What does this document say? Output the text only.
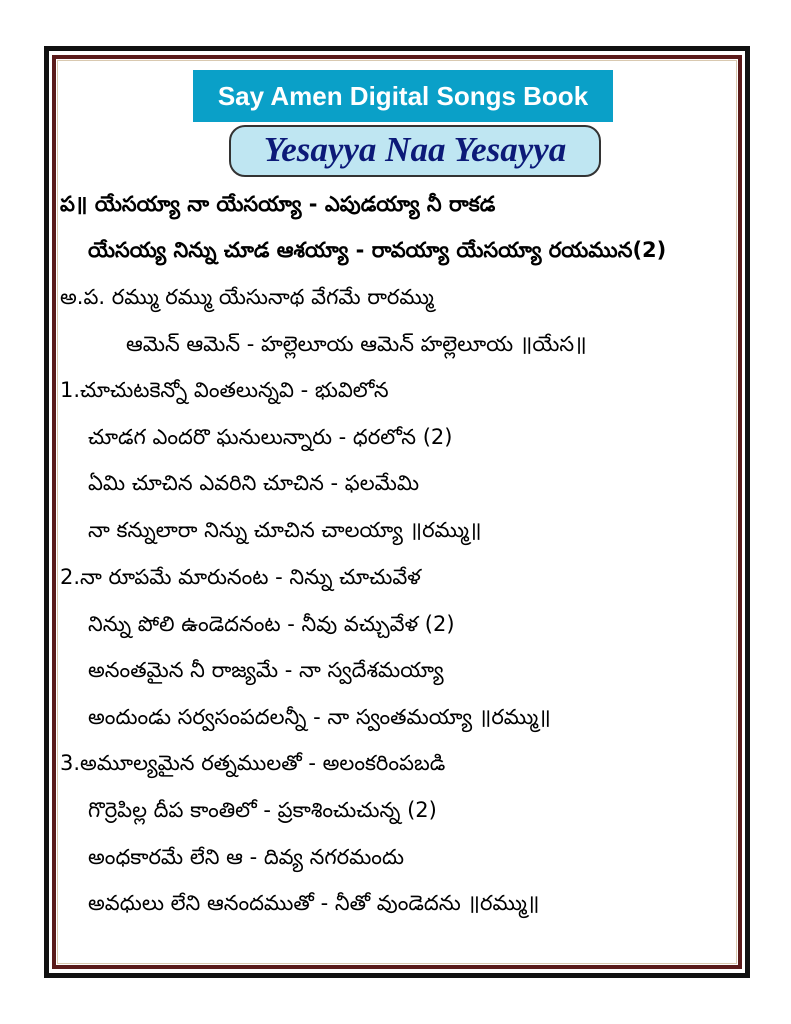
Say Amen Digital Songs Book
Yesayya Naa Yesayya
ప॥ యేసయ్యా నా యేసయ్యా - ఎపుడయ్యా నీ రాకడ
యేసయ్య నిన్ను చూడ ఆశయ్యా - రావయ్యా యేసయ్యా రయమున(2)
అ.ప. రమ్ము రమ్ము యేసునాథ వేగమే రారమ్ము
ఆమెన్ ఆమెన్ - హల్లెలూయ ఆమెన్ హల్లెలూయ ॥యేస॥
1.చూచుటకెన్నో వింతలున్నవి - భువిలోన
చూడగ ఎందరొ ఘనులున్నారు - ధరలోన (2)
ఏమి చూచిన ఎవరిని చూచిన - ఫలమేమి
నా కన్నులారా నిన్ను చూచిన చాలయ్యా ॥రమ్ము॥
2.నా రూపమే మారునంట - నిన్ను చూచువేళ
నిన్ను పోలి ఉండెదనంట - నీవు వచ్చువేళ (2)
అనంతమైన నీ రాజ్యమే - నా స్వదేశమయ్యా
అందుండు సర్వసంపదలన్నీ - నా స్వంతమయ్యా ॥రమ్ము॥
3.అమూల్యమైన రత్నములతో - అలంకరింపబడి
గొర్రెపిల్ల దీప కాంతిలో - ప్రకాశించుచున్న (2)
అంధకారమే లేని ఆ - దివ్య నగరమందు
అవధులు లేని ఆనందముతో - నీతో వుండెదను ॥రమ్ము॥
